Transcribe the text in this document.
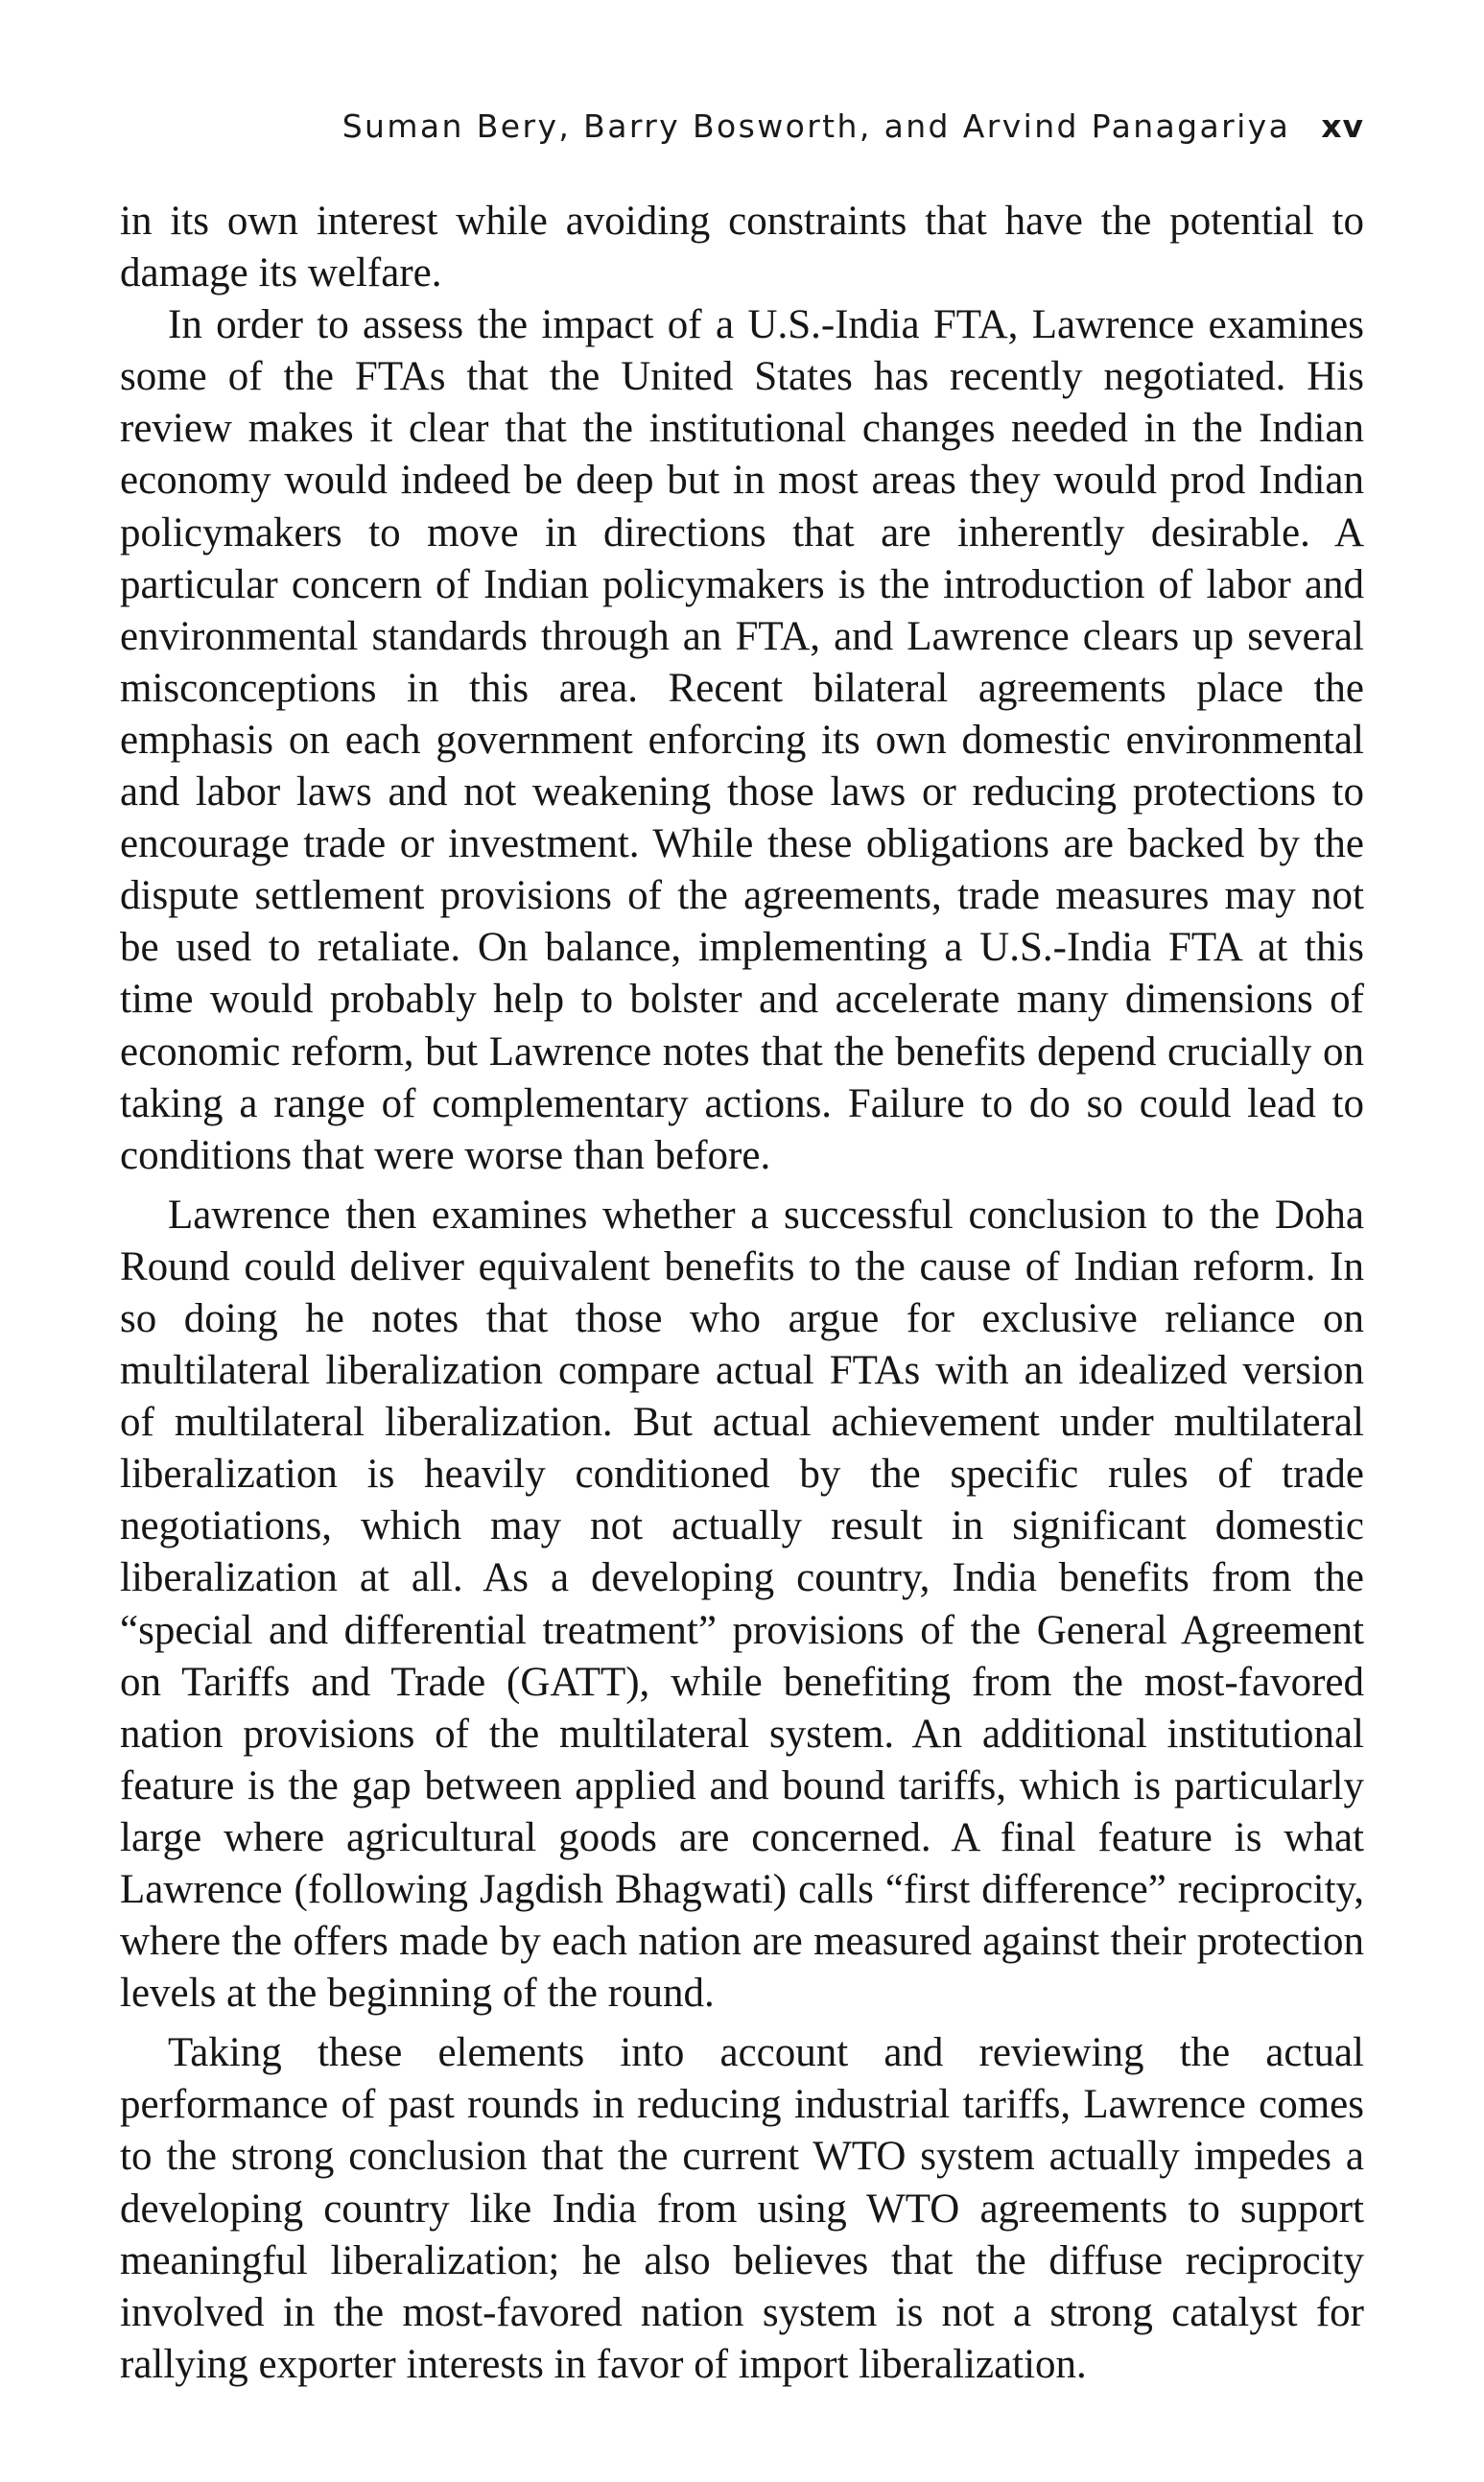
Suman Bery, Barry Bosworth, and Arvind Panagariya xv

in its own interest while avoiding constraints that have the potential to damage its welfare.

In order to assess the impact of a U.S.-India FTA, Lawrence examines some of the FTAs that the United States has recently negotiated. His review makes it clear that the institutional changes needed in the Indian economy would indeed be deep but in most areas they would prod Indian policymakers to move in directions that are inherently desirable. A particular concern of Indian policymakers is the introduction of labor and environmental standards through an FTA, and Lawrence clears up several misconceptions in this area. Recent bilateral agreements place the emphasis on each government enforcing its own domestic environmental and labor laws and not weakening those laws or reducing protections to encourage trade or investment. While these obligations are backed by the dispute settlement provisions of the agreements, trade measures may not be used to retaliate. On balance, implementing a U.S.-India FTA at this time would probably help to bolster and accelerate many dimensions of economic reform, but Lawrence notes that the benefits depend crucially on taking a range of complementary actions. Failure to do so could lead to conditions that were worse than before.

Lawrence then examines whether a successful conclusion to the Doha Round could deliver equivalent benefits to the cause of Indian reform. In so doing he notes that those who argue for exclusive reliance on multilateral liberalization compare actual FTAs with an idealized version of multilateral liberalization. But actual achievement under multilateral liberalization is heavily conditioned by the specific rules of trade negotiations, which may not actually result in significant domestic liberalization at all. As a developing country, India benefits from the “special and differential treatment” provisions of the General Agreement on Tariffs and Trade (GATT), while benefiting from the most-favored nation provisions of the multilateral system. An additional institutional feature is the gap between applied and bound tariffs, which is particularly large where agricultural goods are concerned. A final feature is what Lawrence (following Jagdish Bhagwati) calls “first difference” reciprocity, where the offers made by each nation are measured against their protection levels at the beginning of the round.

Taking these elements into account and reviewing the actual performance of past rounds in reducing industrial tariffs, Lawrence comes to the strong conclusion that the current WTO system actually impedes a developing country like India from using WTO agreements to support meaningful liberalization; he also believes that the diffuse reciprocity involved in the most-favored nation system is not a strong catalyst for rallying exporter interests in favor of import liberalization.
